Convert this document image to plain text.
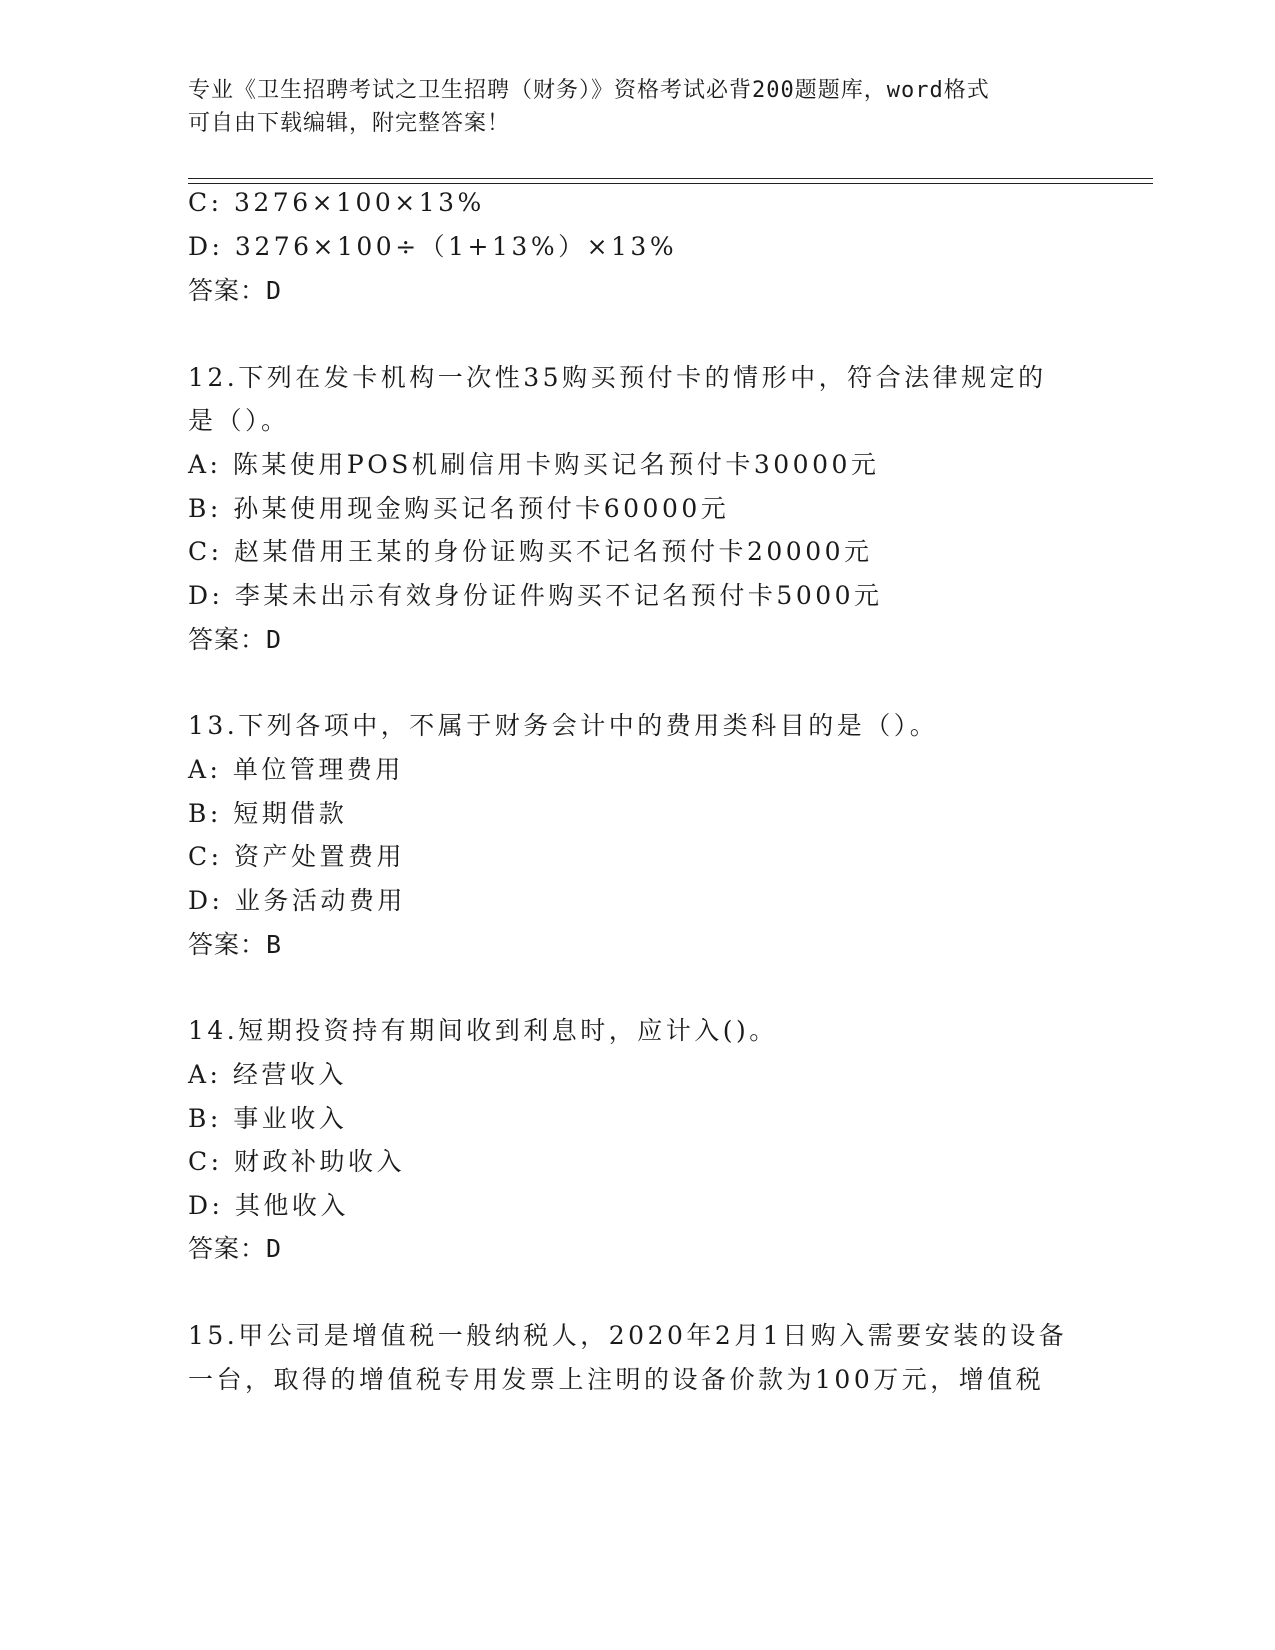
专业《卫生招聘考试之卫生招聘（财务）》资格考试必背200题题库，word格式
可自由下载编辑，附完整答案！
C: 3276×100×13%
D: 3276×100÷（1+13%）×13%
答案：D
12.下列在发卡机构一次性35购买预付卡的情形中，符合法律规定的
是（）。
A: 陈某使用POS机刷信用卡购买记名预付卡30000元
B: 孙某使用现金购买记名预付卡60000元
C: 赵某借用王某的身份证购买不记名预付卡20000元
D: 李某未出示有效身份证件购买不记名预付卡5000元
答案：D
13.下列各项中，不属于财务会计中的费用类科目的是（）。
A: 单位管理费用
B: 短期借款
C: 资产处置费用
D: 业务活动费用
答案：B
14.短期投资持有期间收到利息时，应计入()。
A: 经营收入
B: 事业收入
C: 财政补助收入
D: 其他收入
答案：D
15.甲公司是增值税一般纳税人，2020年2月1日购入需要安装的设备
一台，取得的增值税专用发票上注明的设备价款为100万元，增值税
